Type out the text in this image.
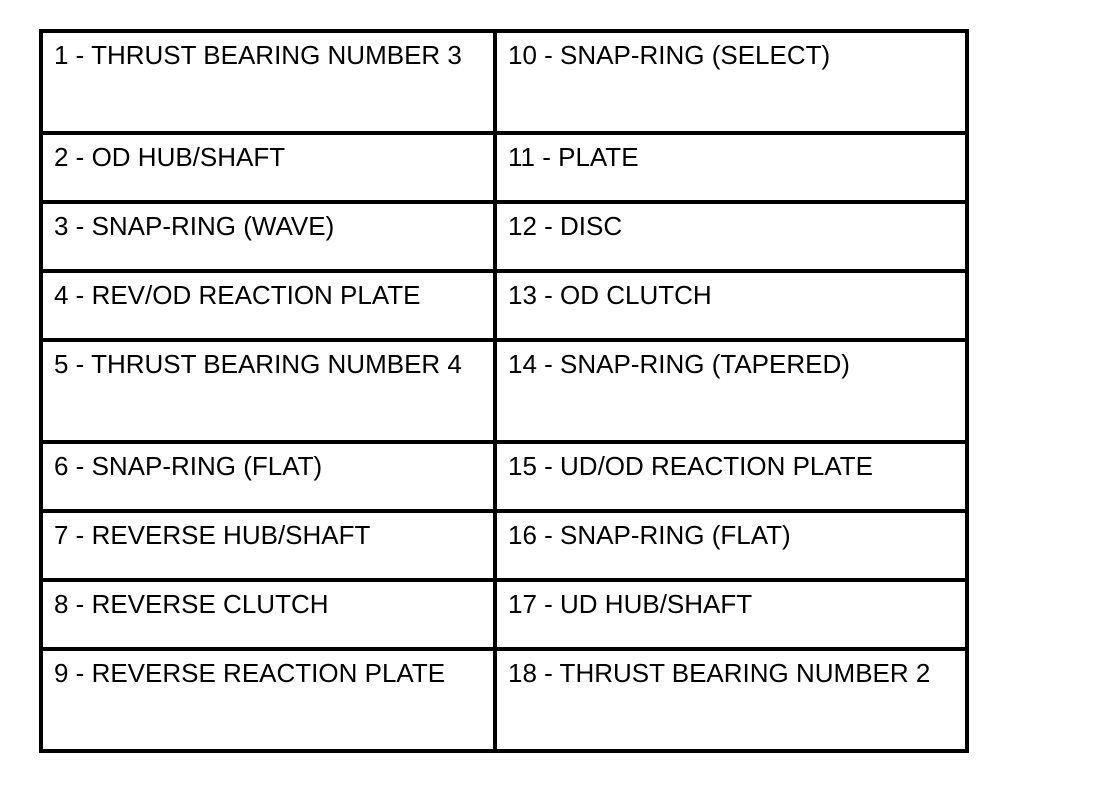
1 - THRUST BEARING NUMBER 3	10 - SNAP-RING (SELECT)
2 - OD HUB/SHAFT	11 - PLATE
3 - SNAP-RING (WAVE)	12 - DISC
4 - REV/OD REACTION PLATE	13 - OD CLUTCH
5 - THRUST BEARING NUMBER 4	14 - SNAP-RING (TAPERED)
6 - SNAP-RING (FLAT)	15 - UD/OD REACTION PLATE
7 - REVERSE HUB/SHAFT	16 - SNAP-RING (FLAT)
8 - REVERSE CLUTCH	17 - UD HUB/SHAFT
9 - REVERSE REACTION PLATE	18 - THRUST BEARING NUMBER 2
